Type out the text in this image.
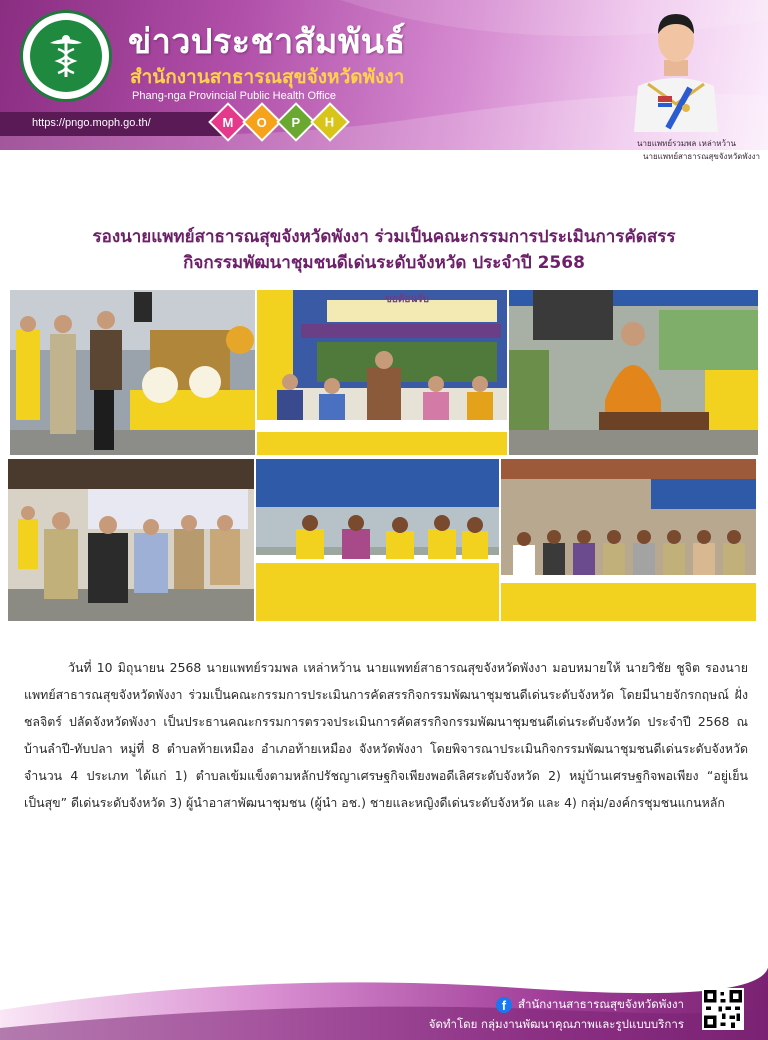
ข่าวประชาสัมพันธ์
สำนักงานสาธารณสุขจังหวัดพังงา
Phang-nga Provincial Public Health Office
https://pngo.moph.go.th/	M O P H
นายแพทย์รวมพล เหล่าหว้าน
นายแพทย์สาธารณสุขจังหวัดพังงา
รองนายแพทย์สาธารณสุขจังหวัดพังงา ร่วมเป็นคณะกรรมการประเมินการคัดสรร
กิจกรรมพัฒนาชุมชนดีเด่นระดับจังหวัด ประจำปี 2568
ขอต้อนรับ
วันที่ 10 มิถุนายน 2568 นายแพทย์รวมพล เหล่าหว้าน นายแพทย์สาธารณสุขจังหวัดพังงา มอบหมายให้ นายวิชัย ชูจิต รองนายแพทย์สาธารณสุขจังหวัดพังงา ร่วมเป็นคณะกรรมการประเมินการคัดสรรกิจกรรมพัฒนาชุมชนดีเด่นระดับจังหวัด โดยมีนายจักรกฤษณ์ ฝั่งชลจิตร์ ปลัดจังหวัดพังงา เป็นประธานคณะกรรมการตรวจประเมินการคัดสรรกิจกรรมพัฒนาชุมชนดีเด่นระดับจังหวัด ประจำปี 2568 ณ บ้านลำปี-ทับปลา หมู่ที่ 8 ตำบลท้ายเหมือง อำเภอท้ายเหมือง จังหวัดพังงา โดยพิจารณาประเมินกิจกรรมพัฒนาชุมชนดีเด่นระดับจังหวัดจำนวน 4 ประเภท ได้แก่ 1) ตำบลเข้มแข็งตามหลักปรัชญาเศรษฐกิจเพียงพอดีเลิศระดับจังหวัด 2) หมู่บ้านเศรษฐกิจพอเพียง “อยู่เย็นเป็นสุข” ดีเด่นระดับจังหวัด 3) ผู้นำอาสาพัฒนาชุมชน (ผู้นำ อช.) ชายและหญิงดีเด่นระดับจังหวัด และ 4) กลุ่ม/องค์กรชุมชนแกนหลัก
f	สำนักงานสาธารณสุขจังหวัดพังงา
จัดทำโดย กลุ่มงานพัฒนาคุณภาพและรูปแบบบริการ
